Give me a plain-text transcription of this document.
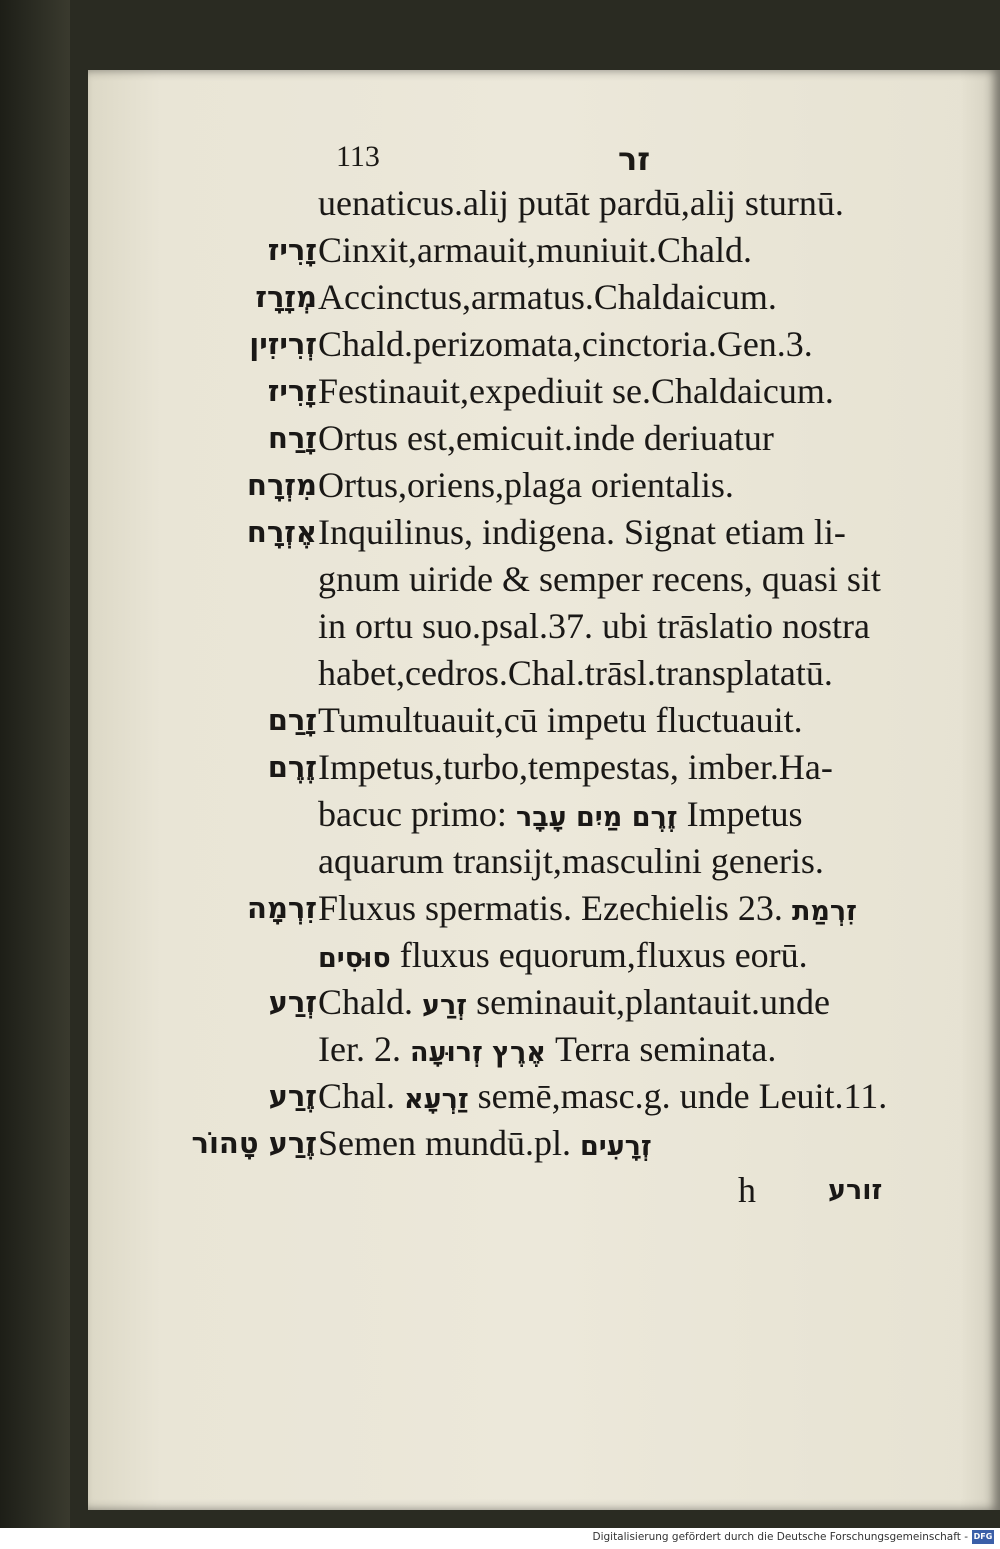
113	זר
uenaticus.alij putāt pardū,alij sturnū.
זָרִיז Cinxit,armauit,muniuit.Chald.
מְזָרָז Accinctus,armatus.Chaldaicum.
זְרִיזִין Chald.perizomata,cinctoria.Gen.3.
זָרִיז Festinauit,expediuit se.Chaldaicum.
זָרַח Ortus est,emicuit.inde deriuatur
מִזְרָח Ortus,oriens,plaga orientalis.
אֶזְרָח Inquilinus, indigena. Signat etiam li-
gnum uiride & semper recens, quasi sit
in ortu suo.psal.37. ubi trāslatio nostra
habet,cedros.Chal.trāsl.transplatatū.
זָרַם Tumultuauit,cū impetu fluctuauit.
זֶרֶם Impetus,turbo,tempestas, imber.Ha-
bacuc primo: זֶרֶם מַיִם עָבָר Impetus
aquarum transijt,masculini generis.
זִרְמָה Fluxus spermatis. Ezechielis 23. זִרְמַת
סוּסִים fluxus equorum,fluxus eorū.
זְרַע Chald. זְרַע seminauit,plantauit.unde
Ier. 2. אֶרֶץ זְרוּעָה Terra seminata.
זֶרַע Chal. זַרְעָא semē,masc.g. unde Leuit.11.
זֶרַע טָהוֹר Semen mundū.pl. זְרָעִים
h	זורע
Digitalisierung gefördert durch die Deutsche Forschungsgemeinschaft - DFG
